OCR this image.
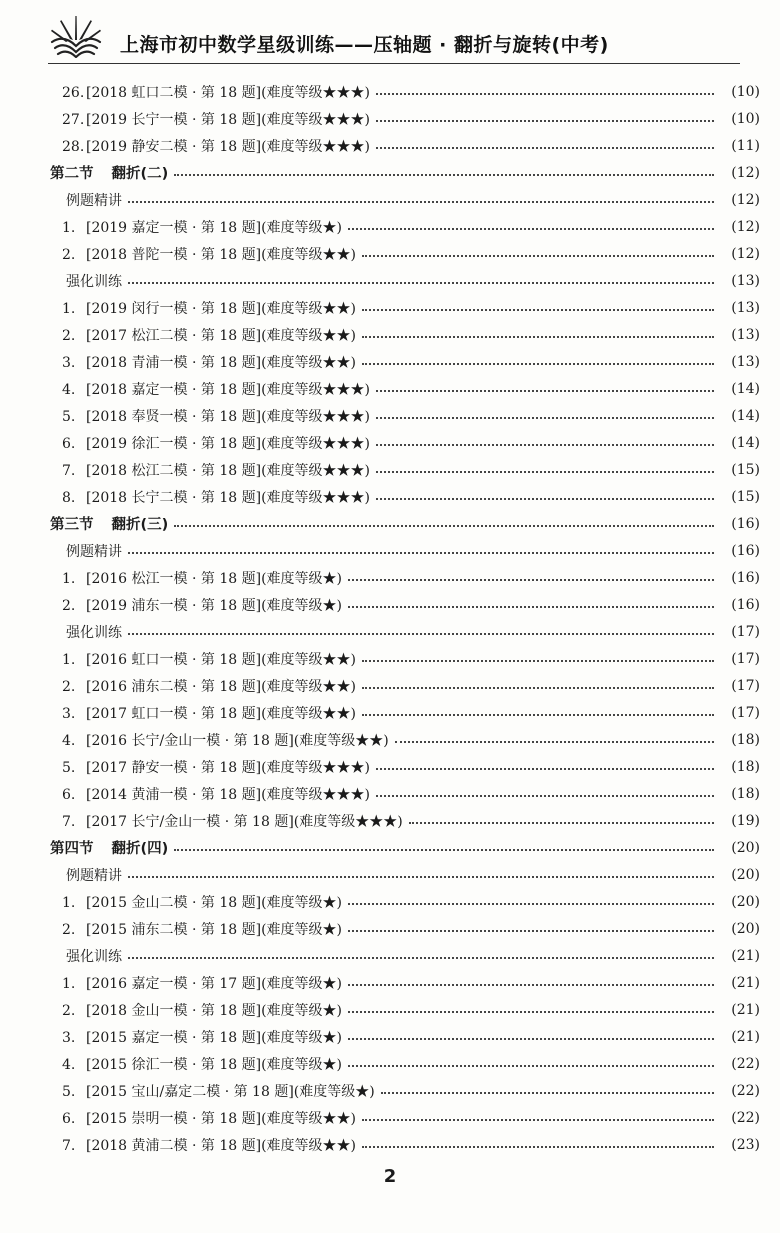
上海市初中数学星级训练——压轴题 · 翻折与旋转(中考)
26. [2018 虹口二模 · 第 18 题](难度等级★★★)	(10)
27. [2019 长宁一模 · 第 18 题](难度等级★★★)	(10)
28. [2019 静安二模 · 第 18 题](难度等级★★★)	(11)
第二节 翻折(二)	(12)
例题精讲	(12)
1. [2019 嘉定一模 · 第 18 题](难度等级★)	(12)
2. [2018 普陀一模 · 第 18 题](难度等级★★)	(12)
强化训练	(13)
1. [2019 闵行一模 · 第 18 题](难度等级★★)	(13)
2. [2017 松江二模 · 第 18 题](难度等级★★)	(13)
3. [2018 青浦一模 · 第 18 题](难度等级★★)	(13)
4. [2018 嘉定一模 · 第 18 题](难度等级★★★)	(14)
5. [2018 奉贤一模 · 第 18 题](难度等级★★★)	(14)
6. [2019 徐汇一模 · 第 18 题](难度等级★★★)	(14)
7. [2018 松江二模 · 第 18 题](难度等级★★★)	(15)
8. [2018 长宁二模 · 第 18 题](难度等级★★★)	(15)
第三节 翻折(三)	(16)
例题精讲	(16)
1. [2016 松江一模 · 第 18 题](难度等级★)	(16)
2. [2019 浦东一模 · 第 18 题](难度等级★)	(16)
强化训练	(17)
1. [2016 虹口一模 · 第 18 题](难度等级★★)	(17)
2. [2016 浦东二模 · 第 18 题](难度等级★★)	(17)
3. [2017 虹口一模 · 第 18 题](难度等级★★)	(17)
4. [2016 长宁/金山一模 · 第 18 题](难度等级★★)	(18)
5. [2017 静安一模 · 第 18 题](难度等级★★★)	(18)
6. [2014 黄浦一模 · 第 18 题](难度等级★★★)	(18)
7. [2017 长宁/金山一模 · 第 18 题](难度等级★★★)	(19)
第四节 翻折(四)	(20)
例题精讲	(20)
1. [2015 金山二模 · 第 18 题](难度等级★)	(20)
2. [2015 浦东二模 · 第 18 题](难度等级★)	(20)
强化训练	(21)
1. [2016 嘉定一模 · 第 17 题](难度等级★)	(21)
2. [2018 金山一模 · 第 18 题](难度等级★)	(21)
3. [2015 嘉定一模 · 第 18 题](难度等级★)	(21)
4. [2015 徐汇一模 · 第 18 题](难度等级★)	(22)
5. [2015 宝山/嘉定二模 · 第 18 题](难度等级★)	(22)
6. [2015 崇明一模 · 第 18 题](难度等级★★)	(22)
7. [2018 黄浦二模 · 第 18 题](难度等级★★)	(23)
2
